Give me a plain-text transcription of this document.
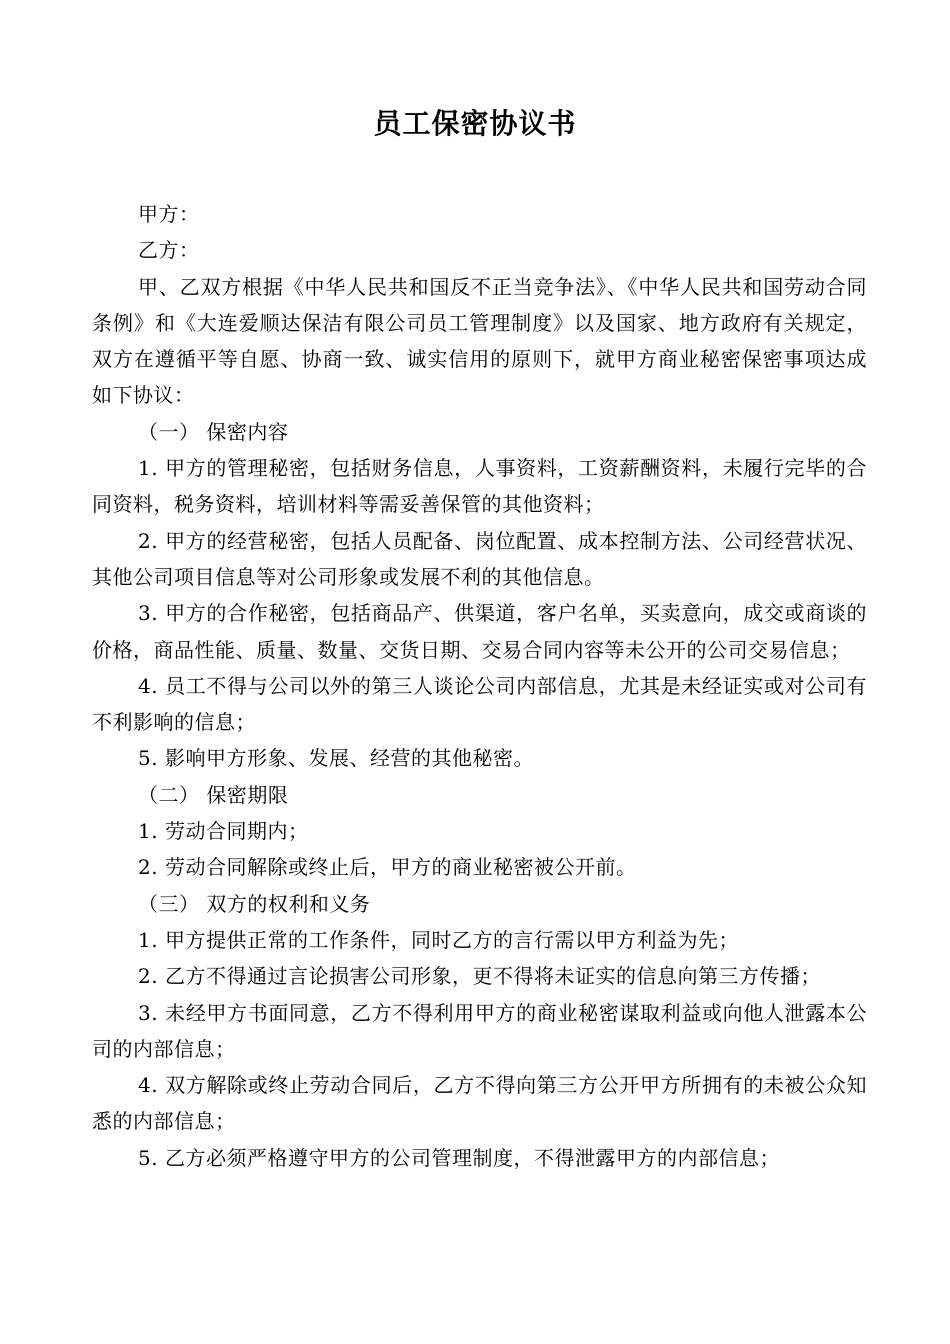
员工保密协议书

甲方：

乙方：

甲、乙双方根据《中华人民共和国反不正当竞争法》、《中华人民共和国劳动合同条例》和《大连爱顺达保洁有限公司员工管理制度》以及国家、地方政府有关规定，双方在遵循平等自愿、协商一致、诚实信用的原则下，就甲方商业秘密保密事项达成如下协议：

（一） 保密内容

1. 甲方的管理秘密，包括财务信息，人事资料，工资薪酬资料，未履行完毕的合同资料，税务资料，培训材料等需妥善保管的其他资料；

2. 甲方的经营秘密，包括人员配备、岗位配置、成本控制方法、公司经营状况、其他公司项目信息等对公司形象或发展不利的其他信息。

3. 甲方的合作秘密，包括商品产、供渠道，客户名单，买卖意向，成交或商谈的价格，商品性能、质量、数量、交货日期、交易合同内容等未公开的公司交易信息；

4. 员工不得与公司以外的第三人谈论公司内部信息，尤其是未经证实或对公司有不利影响的信息；

5. 影响甲方形象、发展、经营的其他秘密。

（二） 保密期限

1. 劳动合同期内；

2. 劳动合同解除或终止后，甲方的商业秘密被公开前。

（三） 双方的权利和义务

1. 甲方提供正常的工作条件，同时乙方的言行需以甲方利益为先；

2. 乙方不得通过言论损害公司形象，更不得将未证实的信息向第三方传播；

3. 未经甲方书面同意，乙方不得利用甲方的商业秘密谋取利益或向他人泄露本公司的内部信息；

4. 双方解除或终止劳动合同后，乙方不得向第三方公开甲方所拥有的未被公众知悉的内部信息；

5. 乙方必须严格遵守甲方的公司管理制度，不得泄露甲方的内部信息；
